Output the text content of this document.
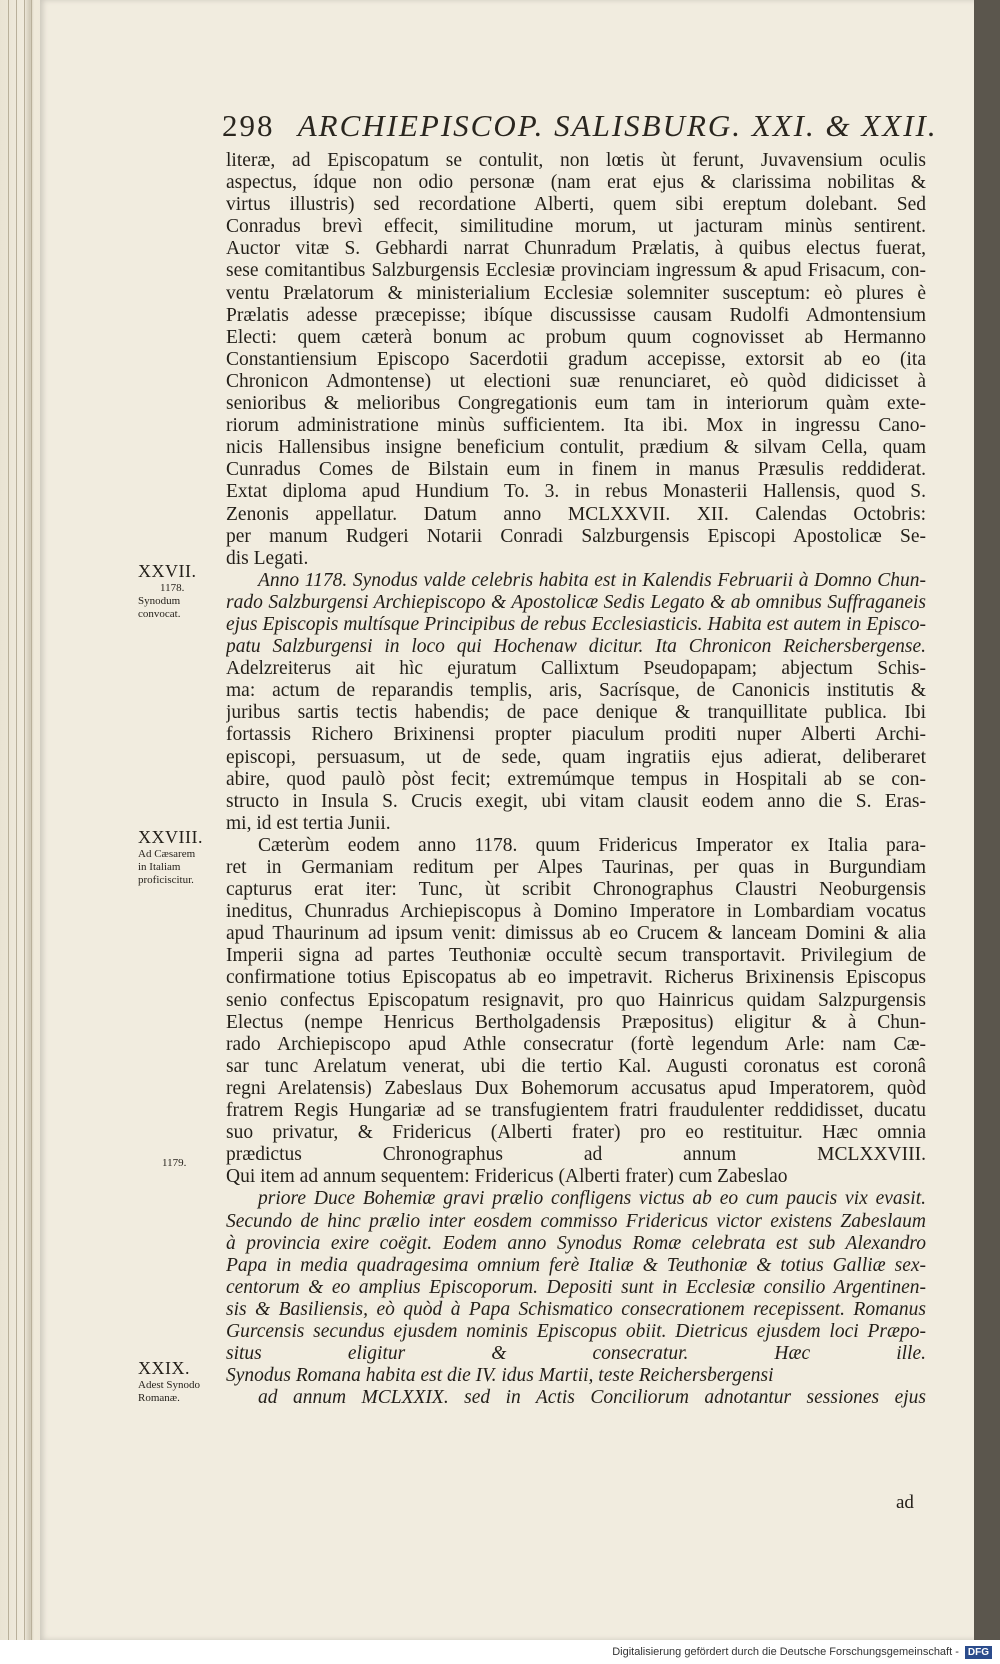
298 ARCHIEPISCOP. SALISBURG. XXI. & XXII.
literæ, ad Episcopatum se contulit, non lœtis ùt ferunt, Juvavensium oculis
aspectus, ídque non odio personæ (nam erat ejus & clarissima nobilitas &
virtus illustris) sed recordatione Alberti, quem sibi ereptum dolebant. Sed
Conradus brevì effecit, similitudine morum, ut jacturam minùs sentirent.
Auctor vitæ S. Gebhardi narrat Chunradum Prælatis, à quibus electus fuerat,
sese comitantibus Salzburgensis Ecclesiæ provinciam ingressum & apud Frisacum, con-
ventu Prælatorum & ministerialium Ecclesiæ solemniter susceptum: eò plures è
Prælatis adesse præcepisse; ibíque discussisse causam Rudolfi Admontensium
Electi: quem cæterà bonum ac probum quum cognovisset ab Hermanno
Constantiensium Episcopo Sacerdotii gradum accepisse, extorsit ab eo (ita
Chronicon Admontense) ut electioni suæ renunciaret, eò quòd didicisset à
senioribus & melioribus Congregationis eum tam in interiorum quàm exte-
riorum administratione minùs sufficientem. Ita ibi. Mox in ingressu Cano-
nicis Hallensibus insigne beneficium contulit, prædium & silvam Cella, quam
Cunradus Comes de Bilstain eum in finem in manus Præsulis reddiderat.
Extat diploma apud Hundium To. 3. in rebus Monasterii Hallensis, quod S.
Zenonis appellatur. Datum anno MCLXXVII. XII. Calendas Octobris:
per manum Rudgeri Notarii Conradi Salzburgensis Episcopi Apostolicæ Se-
dis Legati.
Anno 1178. Synodus valde celebris habita est in Kalendis Februarii à Domno Chun-
rado Salzburgensi Archiepiscopo & Apostolicæ Sedis Legato & ab omnibus Suffraganeis
ejus Episcopis multísque Principibus de rebus Ecclesiasticis. Habita est autem in Episco-
patu Salzburgensi in loco qui Hochenaw dicitur. Ita Chronicon Reichersbergense.
Adelzreiterus ait hìc ejuratum Callixtum Pseudopapam; abjectum Schis-
ma: actum de reparandis templis, aris, Sacrísque, de Canonicis institutis &
juribus sartis tectis habendis; de pace denique & tranquillitate publica. Ibi
fortassis Richero Brixinensi propter piaculum proditi nuper Alberti Archi-
episcopi, persuasum, ut de sede, quam ingratiis ejus adierat, deliberaret
abire, quod paulò pòst fecit; extremúmque tempus in Hospitali ab se con-
structo in Insula S. Crucis exegit, ubi vitam clausit eodem anno die S. Eras-
mi, id est tertia Junii.
Cæterùm eodem anno 1178. quum Fridericus Imperator ex Italia para-
ret in Germaniam reditum per Alpes Taurinas, per quas in Burgundiam
capturus erat iter: Tunc, ùt scribit Chronographus Claustri Neoburgensis
ineditus, Chunradus Archiepiscopus à Domino Imperatore in Lombardiam vocatus
apud Thaurinum ad ipsum venit: dimissus ab eo Crucem & lanceam Domini & alia
Imperii signa ad partes Teuthoniæ occultè secum transportavit. Privilegium de
confirmatione totius Episcopatus ab eo impetravit. Richerus Brixinensis Episcopus
senio confectus Episcopatum resignavit, pro quo Hainricus quidam Salzpurgensis
Electus (nempe Henricus Bertholgadensis Præpositus) eligitur & à Chun-
rado Archiepiscopo apud Athle consecratur (fortè legendum Arle: nam Cæ-
sar tunc Arelatum venerat, ubi die tertio Kal. Augusti coronatus est coronâ
regni Arelatensis) Zabeslaus Dux Bohemorum accusatus apud Imperatorem, quòd
fratrem Regis Hungariæ ad se transfugientem fratri fraudulenter reddidisset, ducatu
suo privatur, & Fridericus (Alberti frater) pro eo restituitur. Hæc omnia
prædictus Chronographus ad annum MCLXXVIII.
Qui item ad annum sequentem: Fridericus (Alberti frater) cum Zabeslao
priore Duce Bohemiæ gravi prælio confligens victus ab eo cum paucis vix evasit.
Secundo de hinc prælio inter eosdem commisso Fridericus victor existens Zabeslaum
à provincia exire coëgit. Eodem anno Synodus Romæ celebrata est sub Alexandro
Papa in media quadragesima omnium ferè Italiæ & Teuthoniæ & totius Galliæ sex-
centorum & eo amplius Episcoporum. Depositi sunt in Ecclesiæ consilio Argentinen-
sis & Basiliensis, eò quòd à Papa Schismatico consecrationem recepissent. Romanus
Gurcensis secundus ejusdem nominis Episcopus obiit. Dietricus ejusdem loci Præpo-
situs eligitur & consecratur. Hæc ille.
Synodus Romana habita est die IV. idus Martii, teste Reichersbergensi
ad annum MCLXXIX. sed in Actis Conciliorum adnotantur sessiones ejus
XXVII.
1178.
Synodum
convocat.
XXVIII.
Ad Cæsarem
in Italiam
proficiscitur.
1179.
XXIX.
Adest Synodo
Romanæ.
ad
Digitalisierung gefördert durch die Deutsche Forschungsgemeinschaft - DFG
